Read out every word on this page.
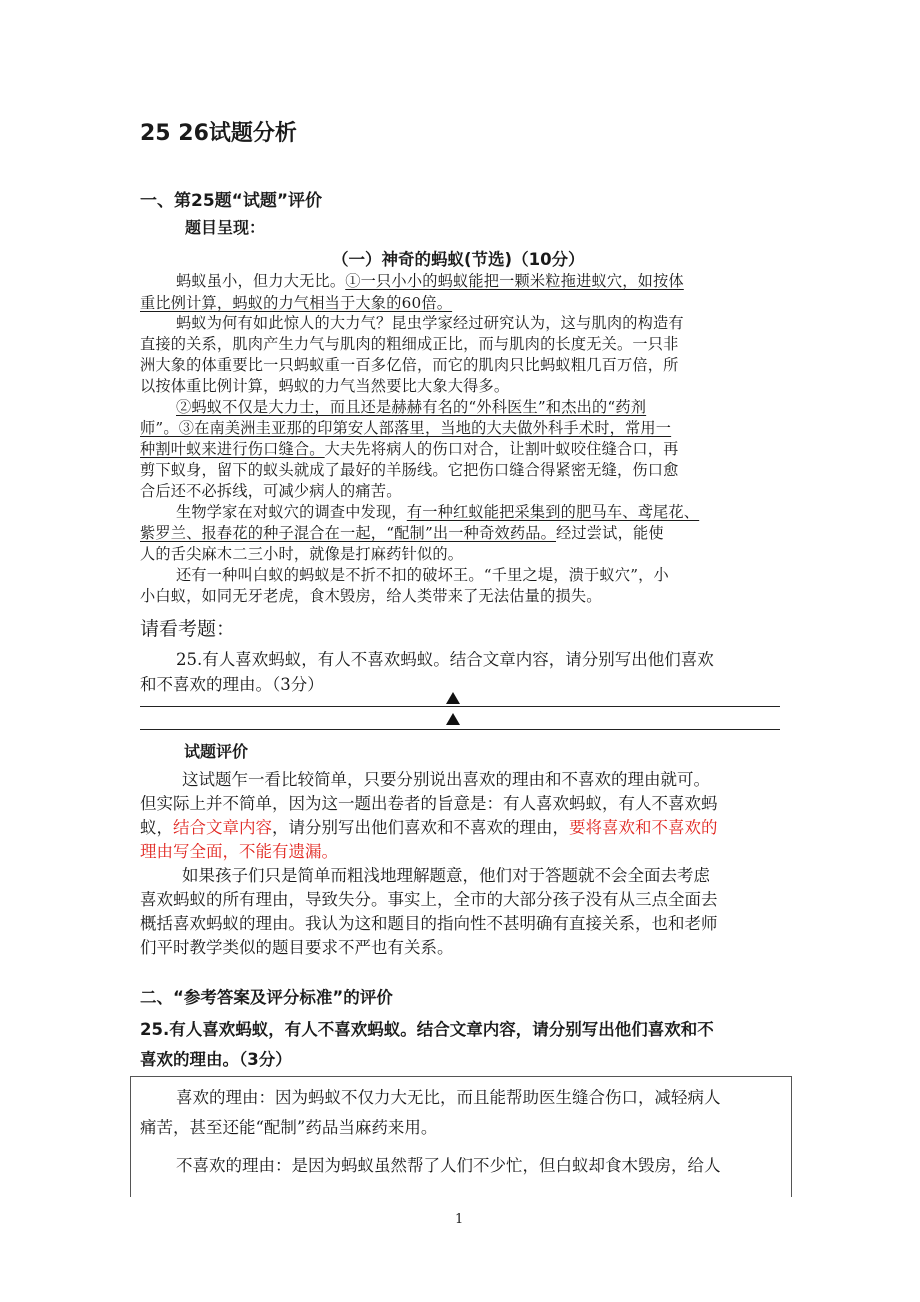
25 26试题分析
一、第25题“试题”评价
题目呈现：
（一）神奇的蚂蚁(节选)（10分）
蚂蚁虽小，但力大无比。①一只小小的蚂蚁能把一颗米粒拖进蚁穴，如按体
重比例计算，蚂蚁的力气相当于大象的60倍。
蚂蚁为何有如此惊人的大力气？昆虫学家经过研究认为，这与肌肉的构造有
直接的关系，肌肉产生力气与肌肉的粗细成正比，而与肌肉的长度无关。一只非
洲大象的体重要比一只蚂蚁重一百多亿倍，而它的肌肉只比蚂蚁粗几百万倍，所
以按体重比例计算，蚂蚁的力气当然要比大象大得多。
②蚂蚁不仅是大力士，而且还是赫赫有名的“外科医生”和杰出的“药剂
师”。③在南美洲圭亚那的印第安人部落里，当地的大夫做外科手术时，常用一
种割叶蚁来进行伤口缝合。大夫先将病人的伤口对合，让割叶蚁咬住缝合口，再
剪下蚁身，留下的蚁头就成了最好的羊肠线。它把伤口缝合得紧密无缝，伤口愈
合后还不必拆线，可减少病人的痛苦。
生物学家在对蚁穴的调查中发现，有一种红蚁能把采集到的肥马车、鸢尾花、
紫罗兰、报春花的种子混合在一起，“配制”出一种奇效药品。经过尝试，能使
人的舌尖麻木二三小时，就像是打麻药针似的。
还有一种叫白蚁的蚂蚁是不折不扣的破坏王。“千里之堤，溃于蚁穴”，小
小白蚁，如同无牙老虎，食木毁房，给人类带来了无法估量的损失。
请看考题：
25.有人喜欢蚂蚁，有人不喜欢蚂蚁。结合文章内容，请分别写出他们喜欢
和不喜欢的理由。（3分）
试题评价
这试题乍一看比较简单，只要分别说出喜欢的理由和不喜欢的理由就可。
但实际上并不简单，因为这一题出卷者的旨意是：有人喜欢蚂蚁，有人不喜欢蚂
蚁，结合文章内容，请分别写出他们喜欢和不喜欢的理由，要将喜欢和不喜欢的
理由写全面，不能有遗漏。
如果孩子们只是简单而粗浅地理解题意，他们对于答题就不会全面去考虑
喜欢蚂蚁的所有理由，导致失分。事实上，全市的大部分孩子没有从三点全面去
概括喜欢蚂蚁的理由。我认为这和题目的指向性不甚明确有直接关系，也和老师
们平时教学类似的题目要求不严也有关系。
二、“参考答案及评分标准”的评价
25.有人喜欢蚂蚁，有人不喜欢蚂蚁。结合文章内容，请分别写出他们喜欢和不
喜欢的理由。（3分）
喜欢的理由：因为蚂蚁不仅力大无比，而且能帮助医生缝合伤口，减轻病人
痛苦，甚至还能“配制”药品当麻药来用。
不喜欢的理由：是因为蚂蚁虽然帮了人们不少忙，但白蚁却食木毁房，给人
1
